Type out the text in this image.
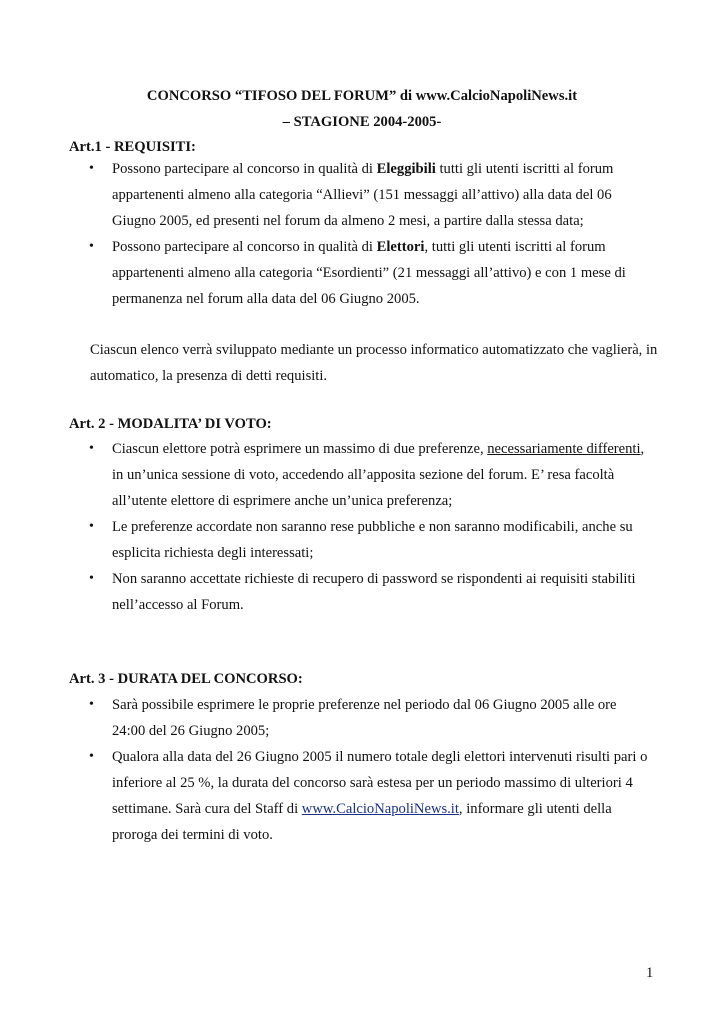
CONCORSO “TIFOSO DEL FORUM” di www.CalcioNapoliNews.it
– STAGIONE 2004-2005-
Art.1 - REQUISITI:
•	Possono partecipare al concorso in qualità di Eleggibili tutti gli utenti iscritti al forum appartenenti almeno alla categoria “Allievi” (151 messaggi all’attivo) alla data del 06 Giugno 2005, ed presenti nel forum da almeno 2 mesi, a partire dalla stessa data;
•	Possono partecipare al concorso in qualità di Elettori, tutti gli utenti iscritti al forum appartenenti almeno alla categoria “Esordienti” (21 messaggi all’attivo) e con 1 mese di permanenza nel forum alla data del 06 Giugno 2005.
Ciascun elenco verrà sviluppato mediante un processo informatico automatizzato che vaglierà, in automatico, la presenza di detti requisiti.
Art. 2 - MODALITA’ DI VOTO:
•	Ciascun elettore potrà esprimere un massimo di due preferenze, necessariamente differenti, in un’unica sessione di voto, accedendo all’apposita sezione del forum. E’ resa facoltà all’utente elettore di esprimere anche un’unica preferenza;
•	Le preferenze accordate non saranno rese pubbliche e non saranno modificabili, anche su esplicita richiesta degli interessati;
•	Non saranno accettate richieste di recupero di password se rispondenti ai requisiti stabiliti nell’accesso al Forum.
Art. 3 - DURATA DEL CONCORSO:
•	Sarà possibile esprimere le proprie preferenze nel periodo dal 06 Giugno 2005 alle ore 24:00 del 26 Giugno 2005;
•	Qualora alla data del 26 Giugno 2005 il numero totale degli elettori intervenuti risulti pari o inferiore al 25 %, la durata del concorso sarà estesa per un periodo massimo di ulteriori 4 settimane. Sarà cura del Staff di www.CalcioNapoliNews.it, informare gli utenti della proroga dei termini di voto.
1
